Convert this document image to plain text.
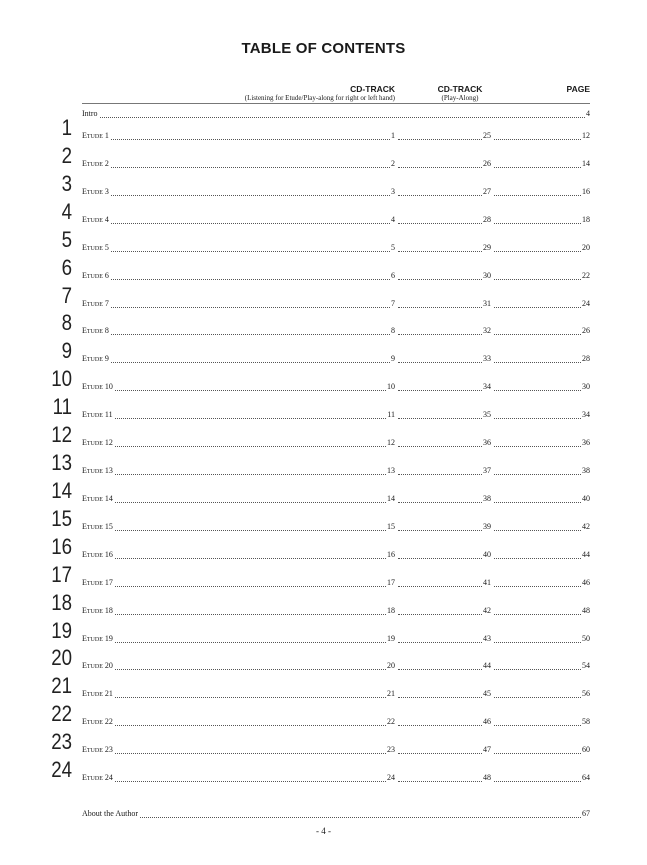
TABLE OF CONTENTS
CD-TRACK
(Listening for Etude/Play-along for right or left hand)
CD-TRACK
(Play-Along)
PAGE
Intro	4
1 Etude 1	1	25	12
2 Etude 2	2	26	14
3 Etude 3	3	27	16
4 Etude 4	4	28	18
5 Etude 5	5	29	20
6 Etude 6	6	30	22
7 Etude 7	7	31	24
8 Etude 8	8	32	26
9 Etude 9	9	33	28
10 Etude 10	10	34	30
11 Etude 11	11	35	34
12 Etude 12	12	36	36
13 Etude 13	13	37	38
14 Etude 14	14	38	40
15 Etude 15	15	39	42
16 Etude 16	16	40	44
17 Etude 17	17	41	46
18 Etude 18	18	42	48
19 Etude 19	19	43	50
20 Etude 20	20	44	54
21 Etude 21	21	45	56
22 Etude 22	22	46	58
23 Etude 23	23	47	60
24 Etude 24	24	48	64
About the Author	67
- 4 -
